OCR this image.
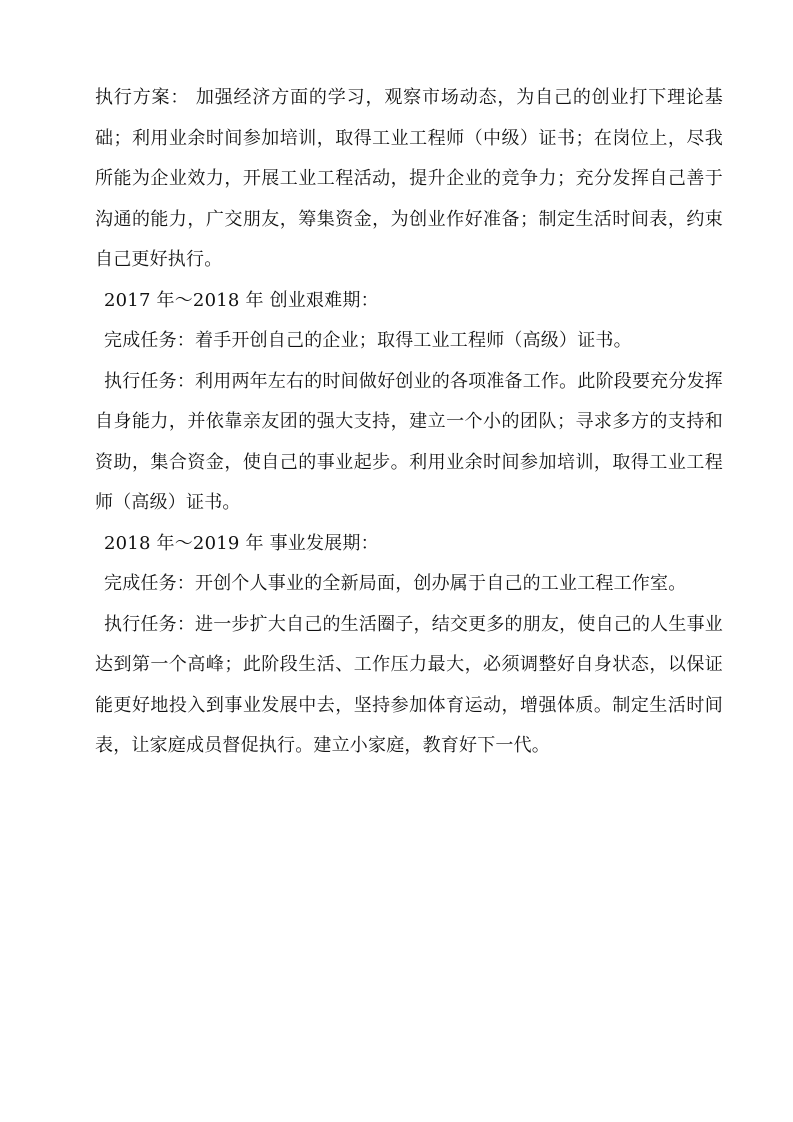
执行方案： 加强经济方面的学习，观察市场动态，为自己的创业打下理论基础；利用业余时间参加培训，取得工业工程师（中级）证书；在岗位上，尽我所能为企业效力，开展工业工程活动，提升企业的竞争力；充分发挥自己善于沟通的能力，广交朋友，筹集资金，为创业作好准备；制定生活时间表，约束自己更好执行。

2017 年～2018 年 创业艰难期：

完成任务：着手开创自己的企业；取得工业工程师（高级）证书。

执行任务：利用两年左右的时间做好创业的各项准备工作。此阶段要充分发挥自身能力，并依靠亲友团的强大支持，建立一个小的团队；寻求多方的支持和资助，集合资金，使自己的事业起步。利用业余时间参加培训，取得工业工程师（高级）证书。

2018 年～2019 年 事业发展期：

完成任务：开创个人事业的全新局面，创办属于自己的工业工程工作室。

执行任务：进一步扩大自己的生活圈子，结交更多的朋友，使自己的人生事业达到第一个高峰；此阶段生活、工作压力最大，必须调整好自身状态，以保证能更好地投入到事业发展中去，坚持参加体育运动，增强体质。制定生活时间表，让家庭成员督促执行。建立小家庭，教育好下一代。
